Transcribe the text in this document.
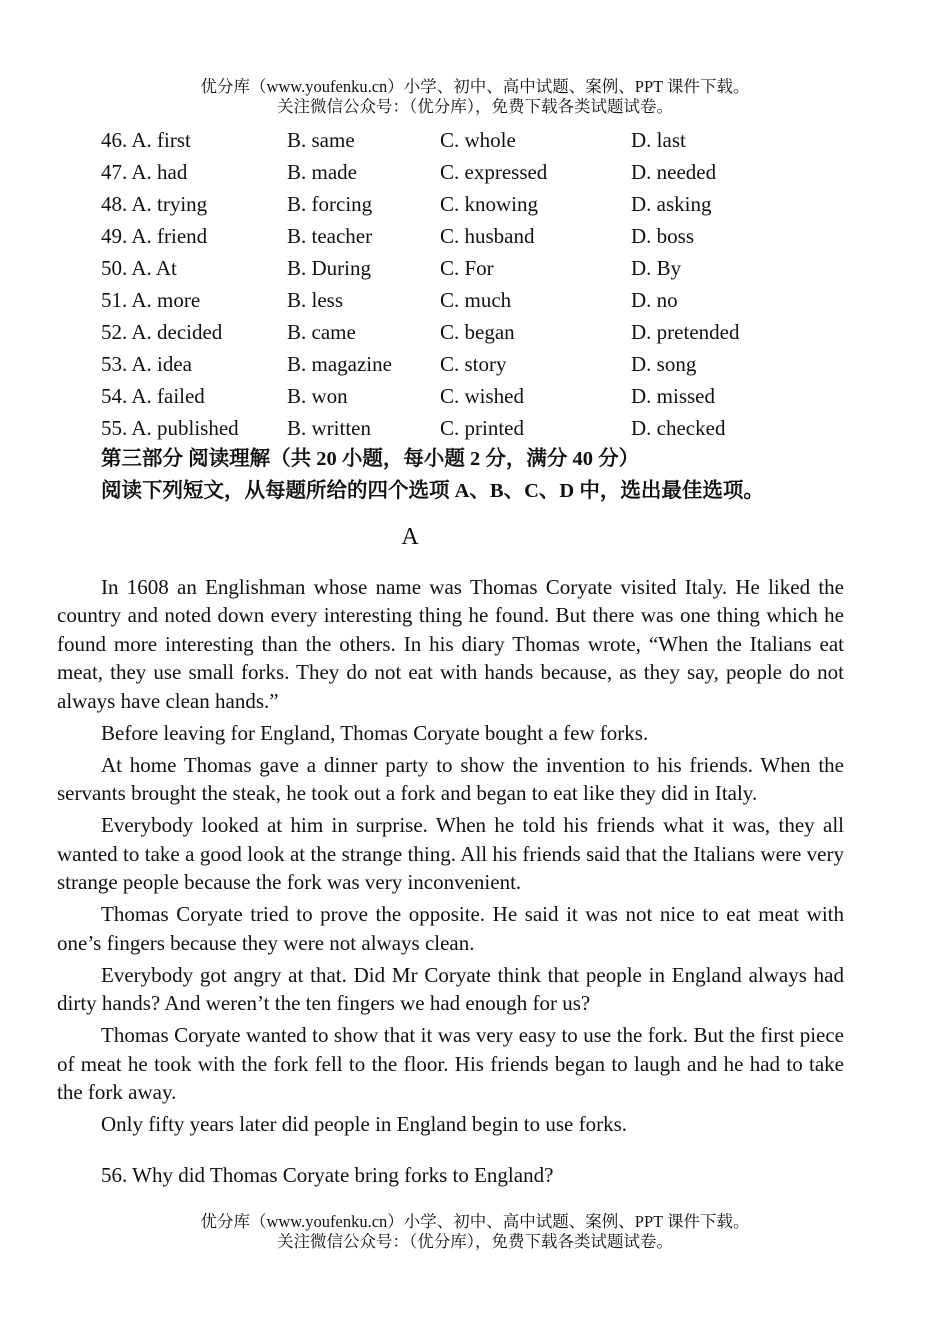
优分库（www.youfenku.cn）小学、初中、高中试题、案例、PPT 课件下载。
关注微信公众号：（优分库），免费下载各类试题试卷。
46. A. first	B. same	C. whole	D. last
47. A. had	B. made	C. expressed	D. needed
48. A. trying	B. forcing	C. knowing	D. asking
49. A. friend	B. teacher	C. husband	D. boss
50. A. At	B. During	C. For	D. By
51. A. more	B. less	C. much	D. no
52. A. decided	B. came	C. began	D. pretended
53. A. idea	B. magazine C. story	D. song
54. A. failed	B. won	C. wished	D. missed
55. A. published B. written	C. printed	D. checked
第三部分 阅读理解（共 20 小题，每小题 2 分，满分 40 分）
阅读下列短文，从每题所给的四个选项 A、B、C、D 中，选出最佳选项。
A

In 1608 an Englishman whose name was Thomas Coryate visited Italy. He liked the country and noted down every interesting thing he found. But there was one thing which he found more interesting than the others. In his diary Thomas wrote, “When the Italians eat meat, they use small forks. They do not eat with hands because, as they say, people do not always have clean hands.”

Before leaving for England, Thomas Coryate bought a few forks.

At home Thomas gave a dinner party to show the invention to his friends. When the servants brought the steak, he took out a fork and began to eat like they did in Italy.

Everybody looked at him in surprise. When he told his friends what it was, they all wanted to take a good look at the strange thing. All his friends said that the Italians were very strange people because the fork was very inconvenient.

Thomas Coryate tried to prove the opposite. He said it was not nice to eat meat with one’s fingers because they were not always clean.

Everybody got angry at that. Did Mr Coryate think that people in England always had dirty hands? And weren’t the ten fingers we had enough for us?

Thomas Coryate wanted to show that it was very easy to use the fork. But the first piece of meat he took with the fork fell to the floor. His friends began to laugh and he had to take the fork away.

Only fifty years later did people in England begin to use forks.

56. Why did Thomas Coryate bring forks to England?
优分库（www.youfenku.cn）小学、初中、高中试题、案例、PPT 课件下载。
关注微信公众号：（优分库），免费下载各类试题试卷。
